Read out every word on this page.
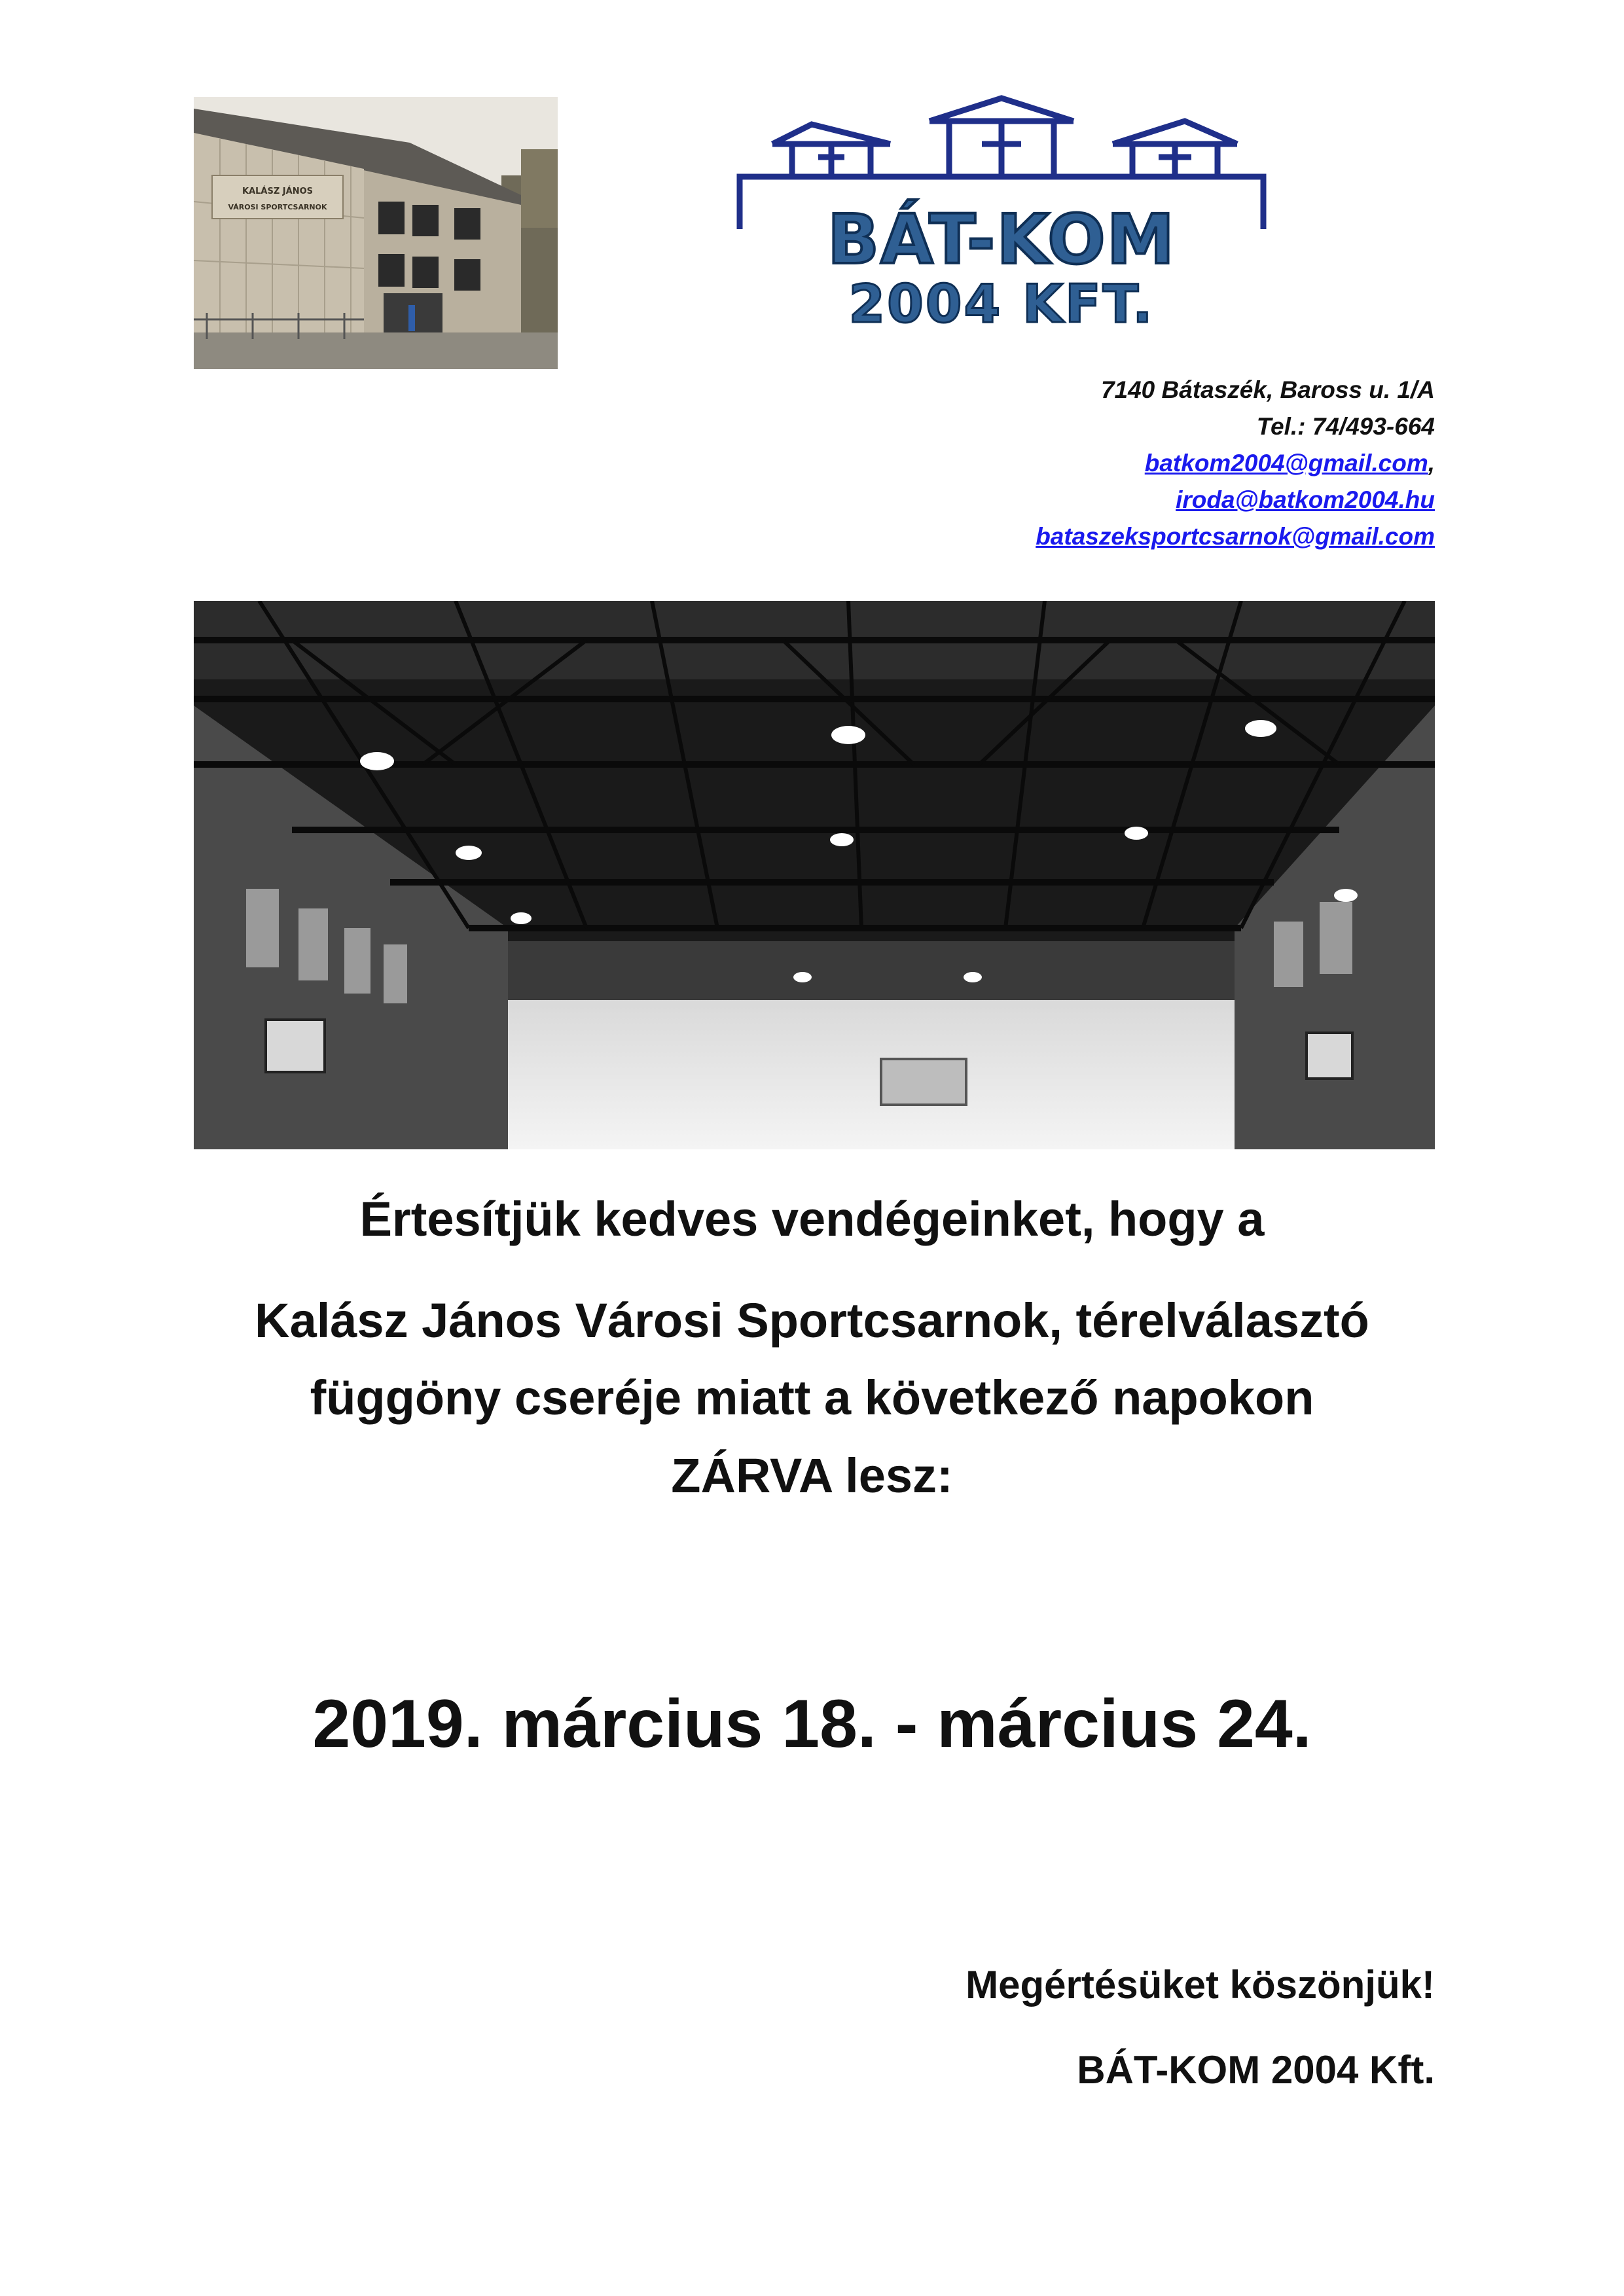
KALÁSZ JÁNOS
VÁROSI SPORTCSARNOK	BÁT-KOM
2004 KFT.
7140 Bátaszék, Baross u. 1/A
Tel.: 74/493-664
batkom2004@gmail.com,
iroda@batkom2004.hu
bataszeksportcsarnok@gmail.com
Értesítjük kedves vendégeinket, hogy a
Kalász János Városi Sportcsarnok, térelválasztó
függöny cseréje miatt a következő napokon
ZÁRVA lesz:
2019. március 18. - március 24.
Megértésüket köszönjük!
BÁT-KOM 2004 Kft.
